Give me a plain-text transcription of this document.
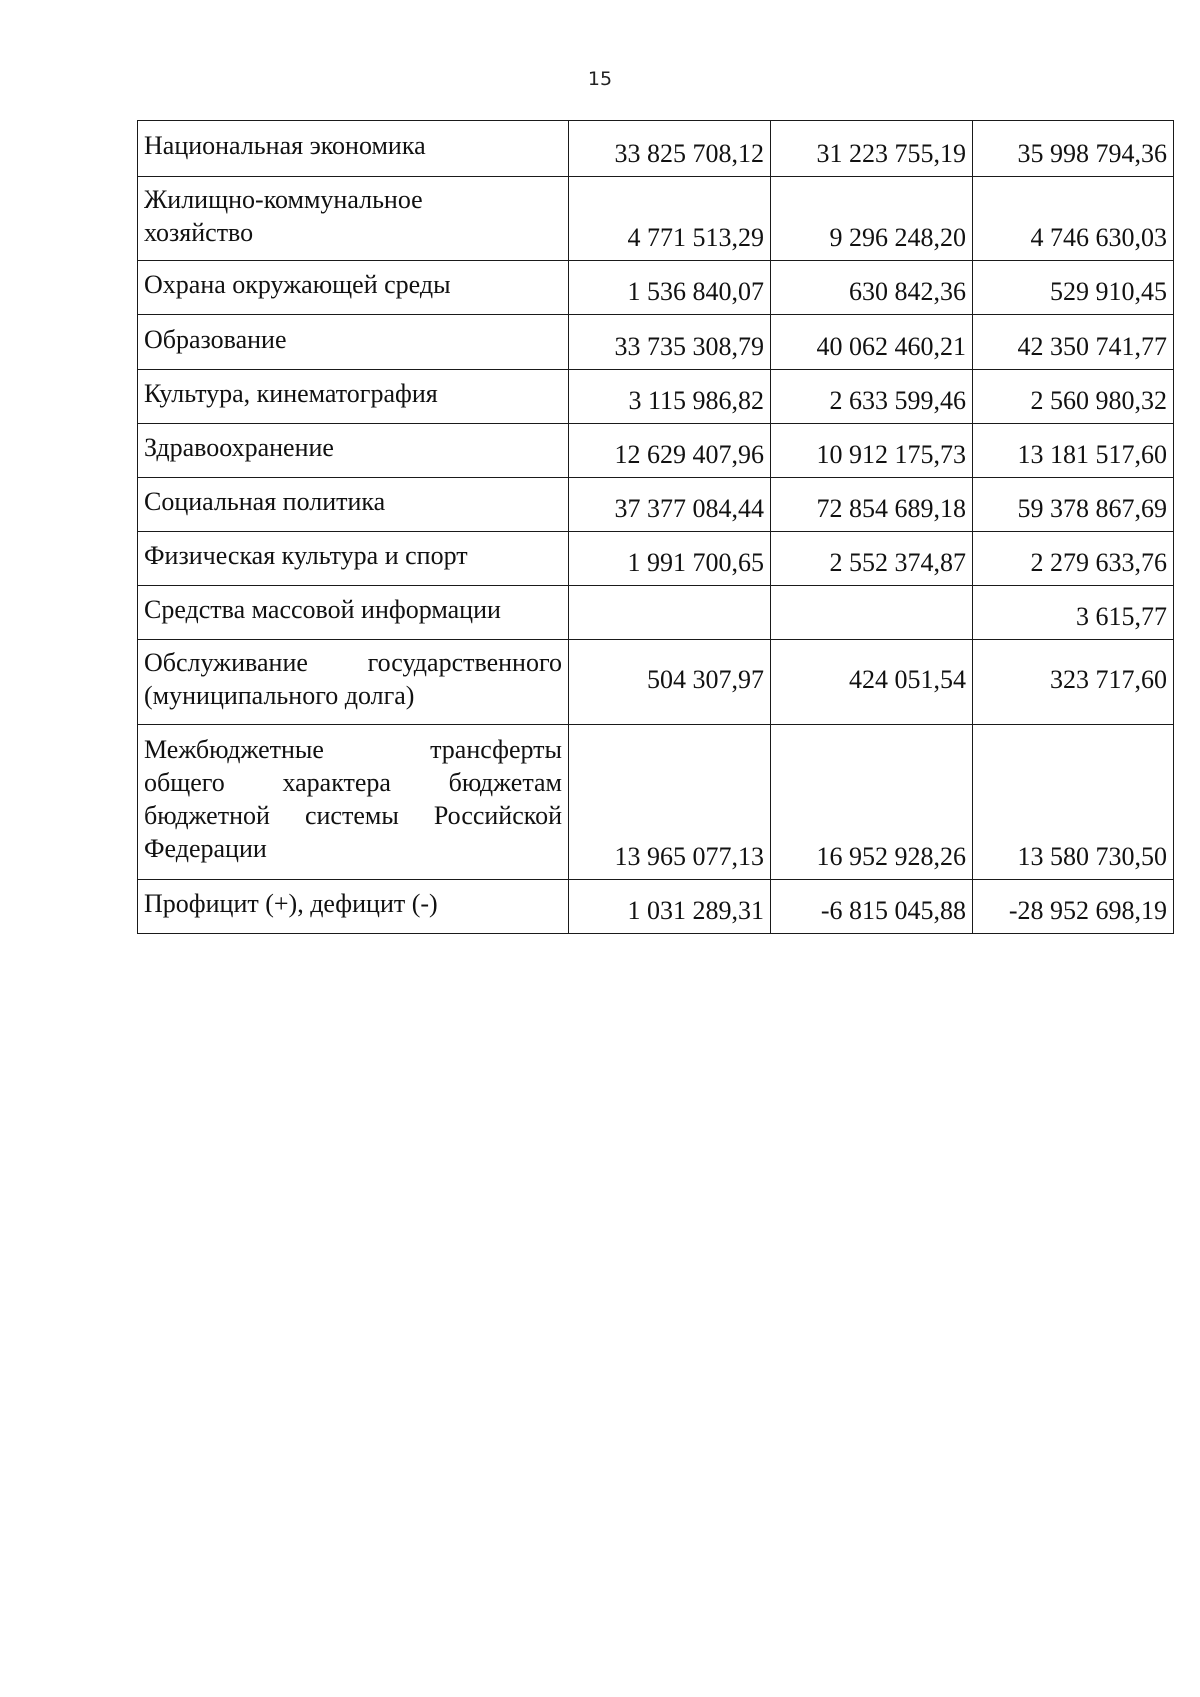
15
Национальная экономика	33 825 708,12	31 223 755,19	35 998 794,36

Жилищно-коммунальное
хозяйство	4 771 513,29	9 296 248,20	4 746 630,03

Охрана окружающей среды	1 536 840,07	630 842,36	529 910,45

Образование	33 735 308,79	40 062 460,21	42 350 741,77

Культура, кинематография	3 115 986,82	2 633 599,46	2 560 980,32

Здравоохранение	12 629 407,96	10 912 175,73	13 181 517,60

Социальная политика	37 377 084,44	72 854 689,18	59 378 867,69

Физическая культура и спорт	1 991 700,65	2 552 374,87	2 279 633,76

Средства массовой информации			3 615,77

Обслуживание государственного
(муниципального долга)	504 307,97	424 051,54	323 717,60

Межбюджетные трансферты
общего характера бюджетам
бюджетной системы Российской
Федерации	13 965 077,13	16 952 928,26	13 580 730,50

Профицит (+), дефицит (-)	1 031 289,31	-6 815 045,88	-28 952 698,19
